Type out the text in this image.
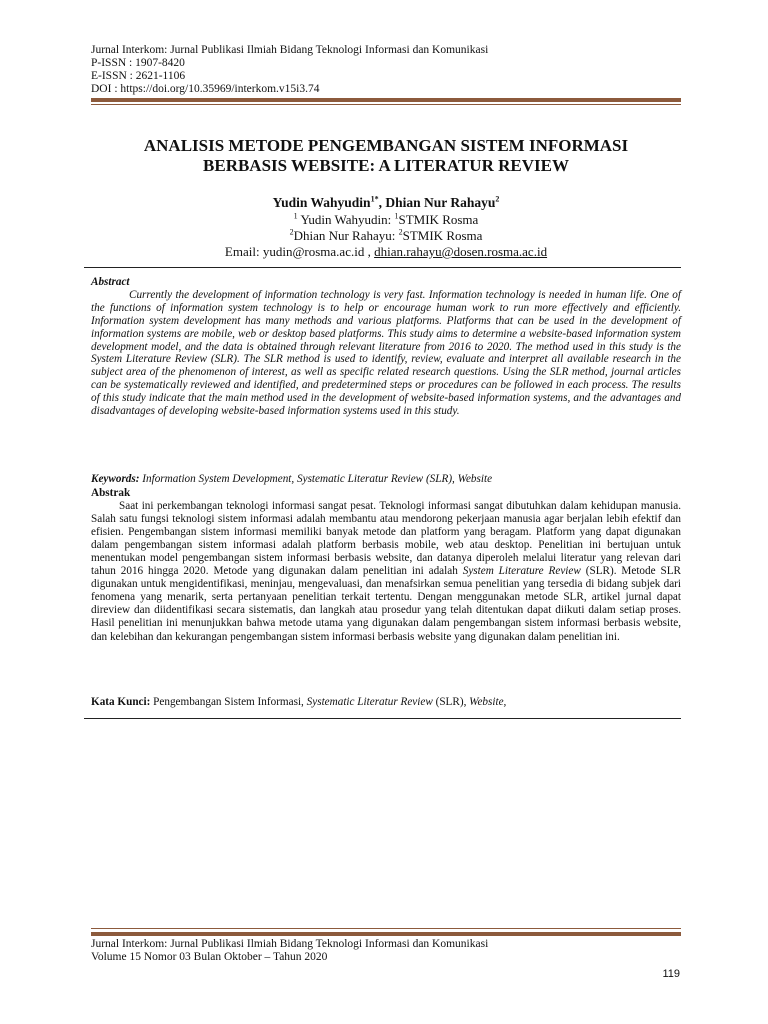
Jurnal Interkom: Jurnal Publikasi Ilmiah Bidang Teknologi Informasi dan Komunikasi
P-ISSN : 1907-8420
E-ISSN : 2621-1106
DOI : https://doi.org/10.35969/interkom.v15i3.74
ANALISIS METODE PENGEMBANGAN SISTEM INFORMASI
BERBASIS WEBSITE: A LITERATUR REVIEW
Yudin Wahyudin$^{1*}$, Dhian Nur Rahayu$^2$
$^1$ Yudin Wahyudin: $^1$STMIK Rosma
$^2$Dhian Nur Rahayu: $^2$STMIK Rosma
Email: yudin@rosma.ac.id , dhian.rahayu@dosen.rosma.ac.id
Abstract
Currently the development of information technology is very fast. Information technology is needed in human life. One of the functions of information system technology is to help or encourage human work to run more effectively and efficiently. Information system development has many methods and various platforms. Platforms that can be used in the development of information systems are mobile, web or desktop based platforms. This study aims to determine a website-based information system development model, and the data is obtained through relevant literature from 2016 to 2020. The method used in this study is the System Literature Review (SLR). The SLR method is used to identify, review, evaluate and interpret all available research in the subject area of the phenomenon of interest, as well as specific related research questions. Using the SLR method, journal articles can be systematically reviewed and identified, and predetermined steps or procedures can be followed in each process. The results of this study indicate that the main method used in the development of website-based information systems, and the advantages and disadvantages of developing website-based information systems used in this study.
Keywords: Information System Development, Systematic Literatur Review (SLR), Website
Abstrak
Saat ini perkembangan teknologi informasi sangat pesat. Teknologi informasi sangat dibutuhkan dalam kehidupan manusia. Salah satu fungsi teknologi sistem informasi adalah membantu atau mendorong pekerjaan manusia agar berjalan lebih efektif dan efisien. Pengembangan sistem informasi memiliki banyak metode dan platform yang beragam. Platform yang dapat digunakan dalam pengembangan sistem informasi adalah platform berbasis mobile, web atau desktop. Penelitian ini bertujuan untuk menentukan model pengembangan sistem informasi berbasis website, dan datanya diperoleh melalui literatur yang relevan dari tahun 2016 hingga 2020. Metode yang digunakan dalam penelitian ini adalah System Literature Review (SLR). Metode SLR digunakan untuk mengidentifikasi, meninjau, mengevaluasi, dan menafsirkan semua penelitian yang tersedia di bidang subjek dari fenomena yang menarik, serta pertanyaan penelitian terkait tertentu. Dengan menggunakan metode SLR, artikel jurnal dapat direview dan diidentifikasi secara sistematis, dan langkah atau prosedur yang telah ditentukan dapat diikuti dalam setiap proses. Hasil penelitian ini menunjukkan bahwa metode utama yang digunakan dalam pengembangan sistem informasi berbasis website, dan kelebihan dan kekurangan pengembangan sistem informasi berbasis website yang digunakan dalam penelitian ini.
Kata Kunci: Pengembangan Sistem Informasi, Systematic Literatur Review (SLR), Website,
Jurnal Interkom: Jurnal Publikasi Ilmiah Bidang Teknologi Informasi dan Komunikasi
Volume 15 Nomor 03 Bulan Oktober – Tahun 2020
119
